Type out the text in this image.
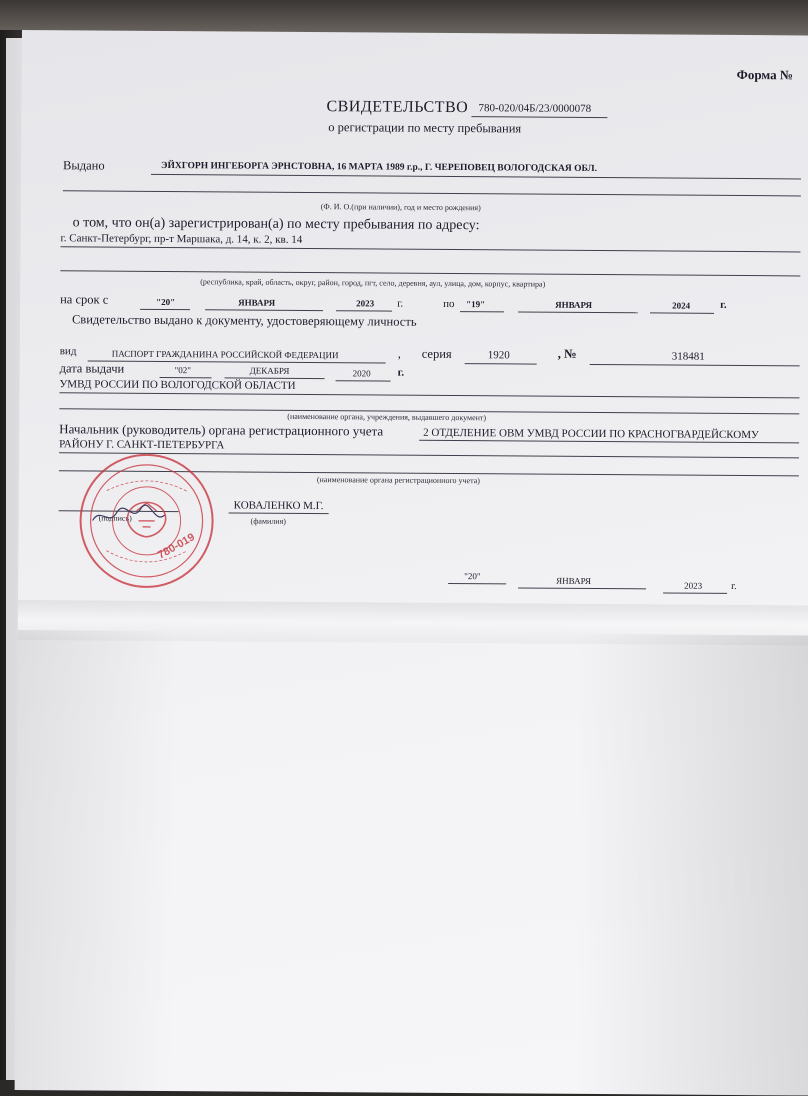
Форма №
СВИДЕТЕЛЬСТВО 780-020/04Б/23/0000078
о регистрации по месту пребывания
Выдано	ЭЙХГОРН ИНГЕБОРГА ЭРНСТОВНА, 16 МАРТА 1989 г.р., Г. ЧЕРЕПОВЕЦ ВОЛОГОДСКАЯ ОБЛ.
(Ф. И. О.(при наличии), год и место рождения)
о том, что он(а) зарегистрирован(а) по месту пребывания по адресу:
г. Санкт-Петербург, пр-т Маршака, д. 14, к. 2, кв. 14
(республика, край, область, округ, район, город, пгт, село, деревня, аул, улица, дом, корпус, квартира)
на срок с	"20"	ЯНВАРЯ	2023 г.	по "19"	ЯНВАРЯ	2024	г.
Свидетельство выдано к документу, удостоверяющему личность
вид	ПАСПОРТ ГРАЖДАНИНА РОССИЙСКОЙ ФЕДЕРАЦИИ	, серия	1920	, №	318481
дата выдачи	"02"	ДЕКАБРЯ	2020 г.
УМВД РОССИИ ПО ВОЛОГОДСКОЙ ОБЛАСТИ
(наименование органа, учреждения, выдавшего документ)
Начальник (руководитель) органа регистрационного учета	2 ОТДЕЛЕНИЕ ОВМ УМВД РОССИИ ПО КРАСНОГВАРДЕЙСКОМУ
РАЙОНУ Г. САНКТ-ПЕТЕРБУРГА
(наименование органа регистрационного учета)
(подпись)
КОВАЛЕНКО М.Г.
(фамилия)
780-019
"20"	ЯНВАРЯ	2023	г.
